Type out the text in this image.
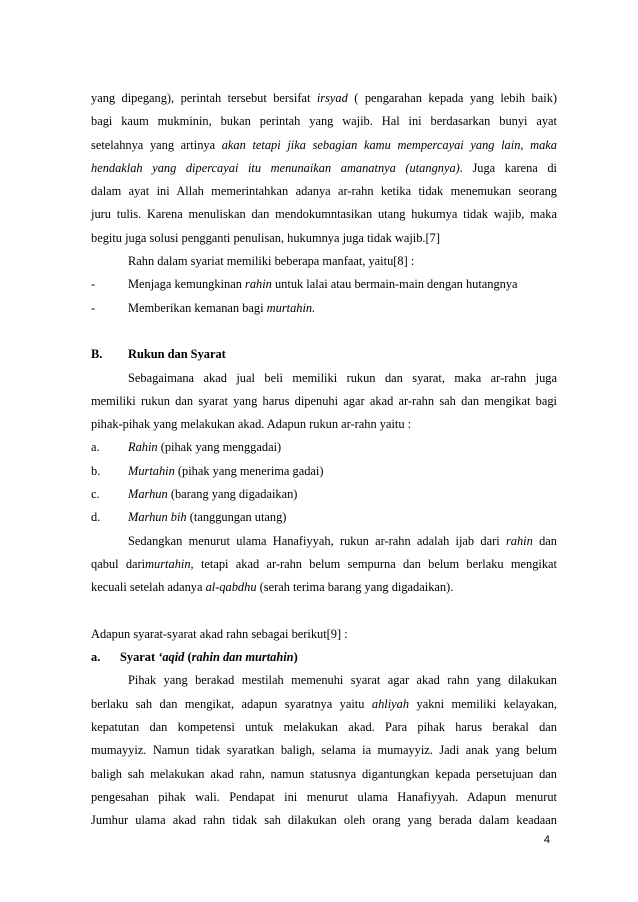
yang dipegang), perintah tersebut bersifat irsyad ( pengarahan kepada yang lebih baik)

bagi kaum mukminin, bukan perintah yang wajib. Hal ini berdasarkan bunyi ayat

setelahnya yang artinya akan tetapi jika sebagian kamu mempercayai yang lain, maka

hendaklah yang dipercayai itu menunaikan amanatnya (utangnya). Juga karena di

dalam ayat ini Allah memerintahkan adanya ar-rahn ketika tidak menemukan seorang

juru tulis. Karena menuliskan dan mendokumntasikan utang hukumya tidak wajib, maka

begitu juga solusi pengganti penulisan, hukumnya juga tidak wajib.[7]

Rahn dalam syariat memiliki beberapa manfaat, yaitu[8] :

-	Menjaga kemungkinan rahin untuk lalai atau bermain-main dengan hutangnya
-	Memberikan kemanan bagi murtahin.
B.	Rukun dan Syarat

Sebagaimana akad jual beli memiliki rukun dan syarat, maka ar-rahn juga

memiliki rukun dan syarat yang harus dipenuhi agar akad ar-rahn sah dan mengikat bagi

pihak-pihak yang melakukan akad. Adapun rukun ar-rahn yaitu :

a.	Rahin (pihak yang menggadai)
b.	Murtahin (pihak yang menerima gadai)
c.	Marhun (barang yang digadaikan)
d.	Marhun bih (tanggungan utang)

Sedangkan menurut ulama Hanafiyyah, rukun ar-rahn adalah ijab dari rahin dan

qabul darimurtahin, tetapi akad ar-rahn belum sempurna dan belum berlaku mengikat

kecuali setelah adanya al-qabdhu (serah terima barang yang digadaikan).

Adapun syarat-syarat akad rahn sebagai berikut[9] :

a.	Syarat ‘aqid (rahin dan murtahin)

Pihak yang berakad mestilah memenuhi syarat agar akad rahn yang dilakukan

berlaku sah dan mengikat, adapun syaratnya yaitu ahliyah yakni memiliki kelayakan,

kepatutan dan kompetensi untuk melakukan akad. Para pihak harus berakal dan

mumayyiz. Namun tidak syaratkan baligh, selama ia mumayyiz. Jadi anak yang belum

baligh sah melakukan akad rahn, namun statusnya digantungkan kepada persetujuan dan

pengesahan pihak wali. Pendapat ini menurut ulama Hanafiyyah. Adapun menurut

Jumhur ulama akad rahn tidak sah dilakukan oleh orang yang berada dalam keadaan

4
